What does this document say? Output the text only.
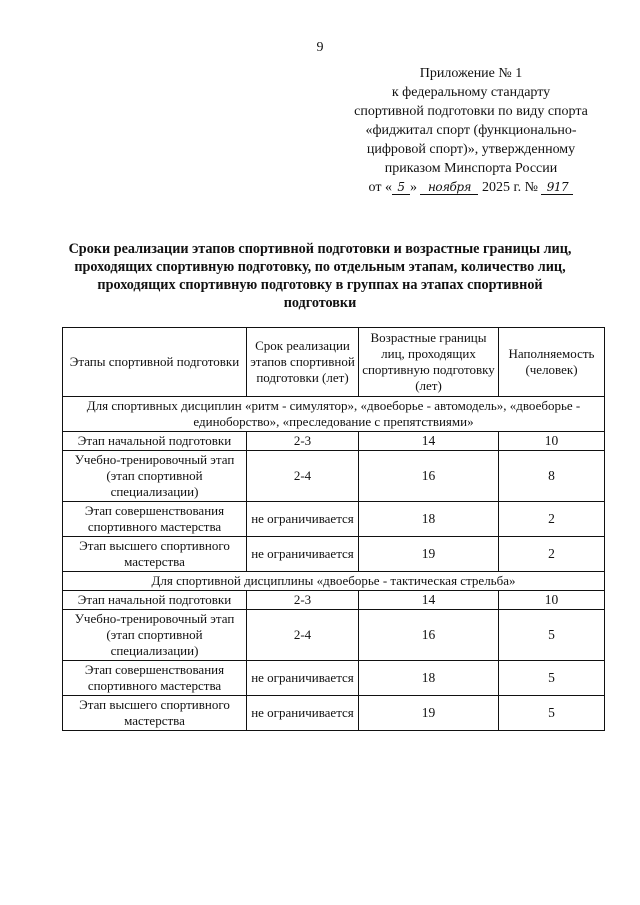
9
Приложение № 1
к федеральному стандарту
спортивной подготовки по виду спорта
«фиджитал спорт (функционально-
цифровой спорт)», утвержденному
приказом Минспорта России
от « 5 » ноября 2025 г. № 917
Сроки реализации этапов спортивной подготовки и возрастные границы лиц, проходящих спортивную подготовку, по отдельным этапам, количество лиц, проходящих спортивную подготовку в группах на этапах спортивной подготовки
Этапы спортивной подготовки	Срок реализации этапов спортивной подготовки (лет)	Возрастные границы лиц, проходящих спортивную подготовку (лет)	Наполняемость (человек)
Для спортивных дисциплин «ритм - симулятор», «двоеборье - автомодель», «двоеборье - единоборство», «преследование с препятствиями»			
Этап начальной подготовки	2-3	14	10
Учебно-тренировочный этап (этап спортивной специализации)	2-4	16	8
Этап совершенствования спортивного мастерства	не ограничивается	18	2
Этап высшего спортивного мастерства	не ограничивается	19	2
Для спортивной дисциплины «двоеборье - тактическая стрельба»			
Этап начальной подготовки	2-3	14	10
Учебно-тренировочный этап (этап спортивной специализации)	2-4	16	5
Этап совершенствования спортивного мастерства	не ограничивается	18	5
Этап высшего спортивного мастерства	не ограничивается	19	5
